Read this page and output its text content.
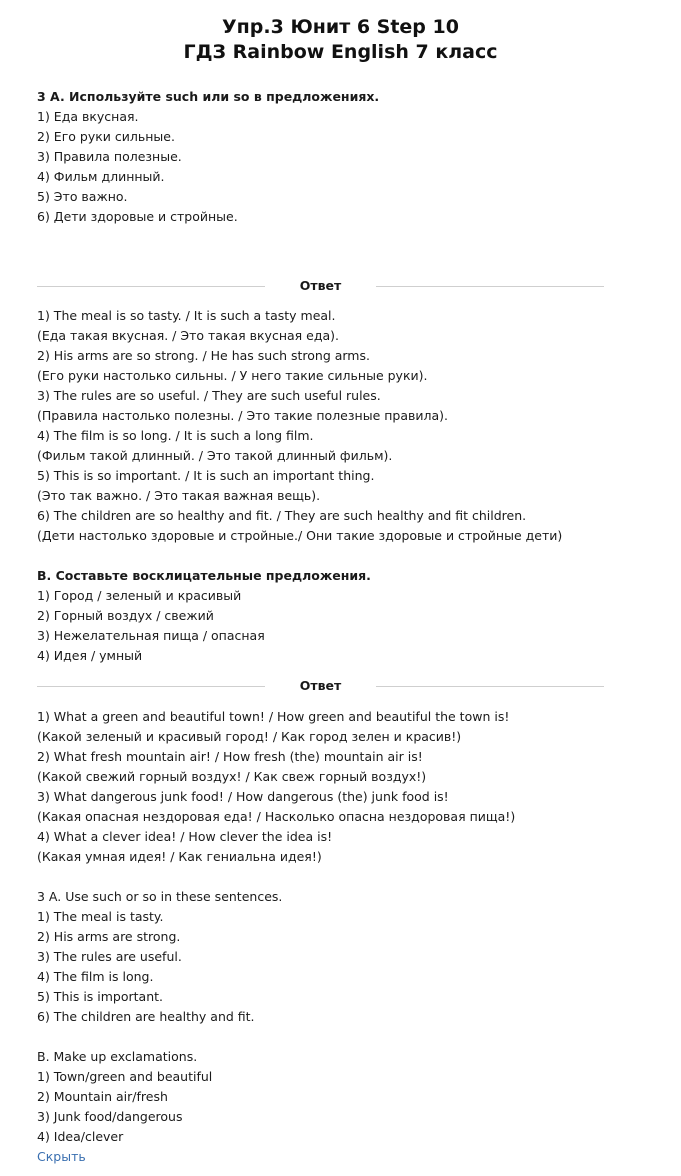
Упр.3 Юнит 6 Step 10
ГДЗ Rainbow English 7 класс
3 A. Используйте such или so в предложениях.
1) Еда вкусная.
2) Его руки сильные.
3) Правила полезные.
4) Фильм длинный.
5) Это важно.
6) Дети здоровые и стройные.
Ответ
1) The meal is so tasty. / It is such a tasty meal.
(Еда такая вкусная. / Это такая вкусная еда).
2) His arms are so strong. / He has such strong arms.
(Его руки настолько сильны. / У него такие сильные руки).
3) The rules are so useful. / They are such useful rules.
(Правила настолько полезны. / Это такие полезные правила).
4) The film is so long. / It is such a long film.
(Фильм такой длинный. / Это такой длинный фильм).
5) This is so important. / It is such an important thing.
(Это так важно. / Это такая важная вещь).
6) The children are so healthy and fit. / They are such healthy and fit children.
(Дети настолько здоровые и стройные./ Они такие здоровые и стройные дети)
B. Составьте восклицательные предложения.
1) Город / зеленый и красивый
2) Горный воздух / свежий
3) Нежелательная пища / опасная
4) Идея / умный
Ответ
1) What a green and beautiful town! / How green and beautiful the town is!
(Какой зеленый и красивый город! / Как город зелен и красив!)
2) What fresh mountain air! / How fresh (the) mountain air is!
(Какой свежий горный воздух! / Как свеж горный воздух!)
3) What dangerous junk food! / How dangerous (the) junk food is!
(Какая опасная нездоровая еда! / Насколько опасна нездоровая пища!)
4) What a clever idea! / How clever the idea is!
(Какая умная идея! / Как гениальна идея!)
3 A. Use such or so in these sentences.
1) The meal is tasty.
2) His arms are strong.
3) The rules are useful.
4) The film is long.
5) This is important.
6) The children are healthy and fit.
B. Make up exclamations.
1) Town/green and beautiful
2) Mountain air/fresh
3) Junk food/dangerous
4) Idea/clever
Скрыть
